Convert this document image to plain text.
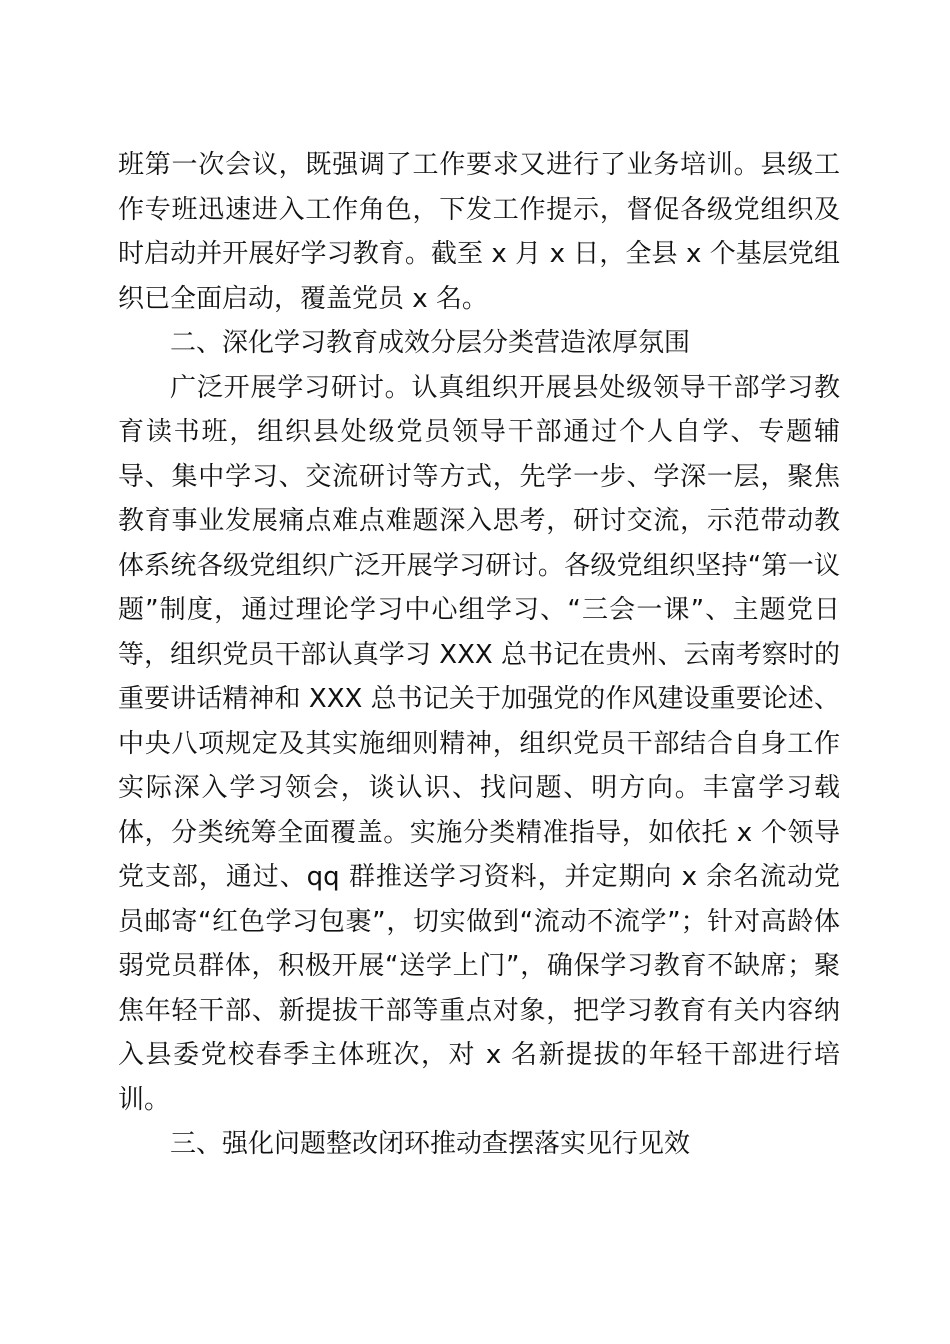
班第一次会议，既强调了工作要求又进行了业务培训。县级工作专班迅速进入工作角色，下发工作提示，督促各级党组织及时启动并开展好学习教育。截至 x 月 x 日，全县 x 个基层党组织已全面启动，覆盖党员 x 名。

二、深化学习教育成效分层分类营造浓厚氛围

广泛开展学习研讨。认真组织开展县处级领导干部学习教育读书班，组织县处级党员领导干部通过个人自学、专题辅导、集中学习、交流研讨等方式，先学一步、学深一层，聚焦教育事业发展痛点难点难题深入思考，研讨交流，示范带动教体系统各级党组织广泛开展学习研讨。各级党组织坚持“第一议题”制度，通过理论学习中心组学习、“三会一课”、主题党日等，组织党员干部认真学习 XXX 总书记在贵州、云南考察时的重要讲话精神和 XXX 总书记关于加强党的作风建设重要论述、中央八项规定及其实施细则精神，组织党员干部结合自身工作实际深入学习领会，谈认识、找问题、明方向。丰富学习载体，分类统筹全面覆盖。实施分类精准指导，如依托 x 个领导党支部，通过、qq 群推送学习资料，并定期向 x 余名流动党员邮寄“红色学习包裹”，切实做到“流动不流学”；针对高龄体弱党员群体，积极开展“送学上门”，确保学习教育不缺席；聚焦年轻干部、新提拔干部等重点对象，把学习教育有关内容纳入县委党校春季主体班次，对 x 名新提拔的年轻干部进行培训。

三、强化问题整改闭环推动查摆落实见行见效
